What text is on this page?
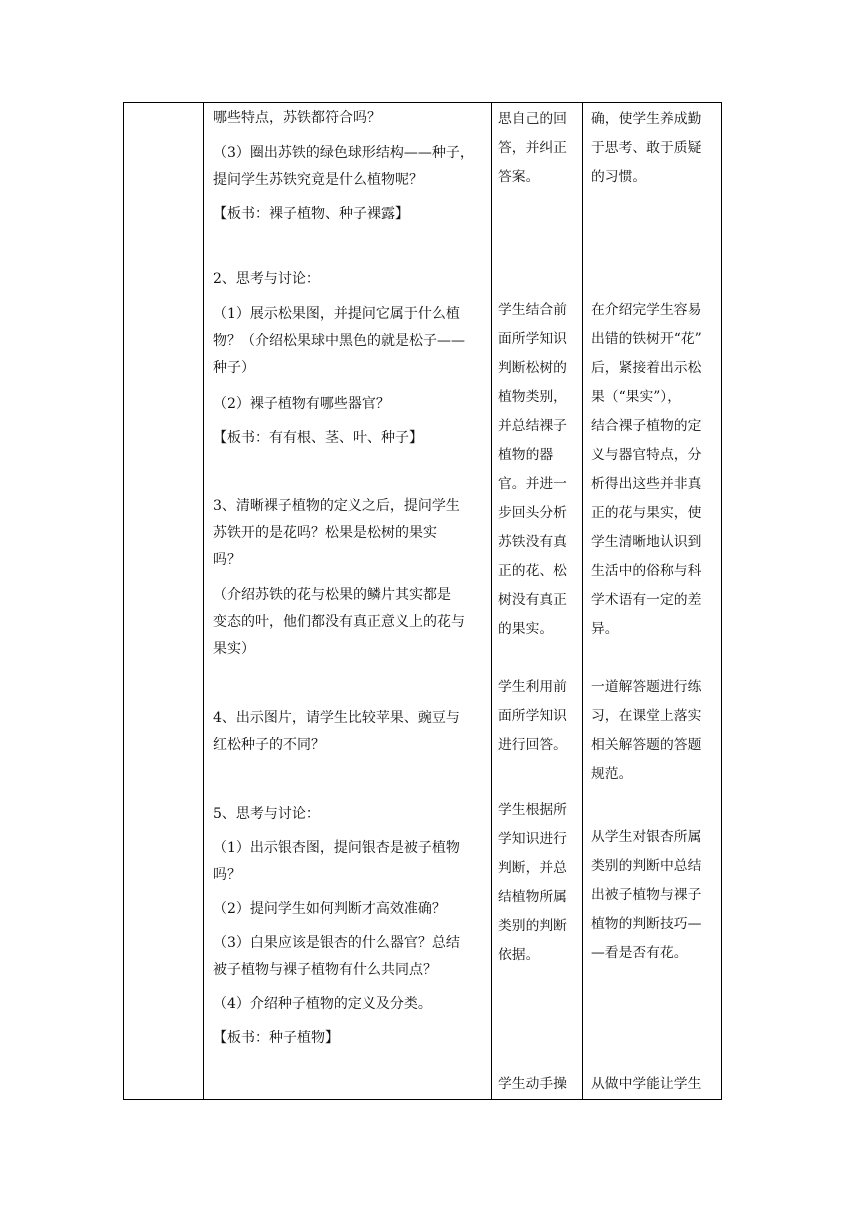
哪些特点，苏铁都符合吗？
（3）圈出苏铁的绿色球形结构——种子，
提问学生苏铁究竟是什么植物呢？
【板书：裸子植物、种子裸露】
2、思考与讨论：
（1）展示松果图，并提问它属于什么植
物？（介绍松果球中黑色的就是松子——
种子）
（2）裸子植物有哪些器官？
【板书：有有根、茎、叶、种子】
3、清晰裸子植物的定义之后，提问学生
苏铁开的是花吗？松果是松树的果实
吗？
（介绍苏铁的花与松果的鳞片其实都是
变态的叶，他们都没有真正意义上的花与
果实）
4、出示图片，请学生比较苹果、豌豆与
红松种子的不同？
5、思考与讨论：
（1）出示银杏图，提问银杏是被子植物
吗？
（2）提问学生如何判断才高效准确？
（3）白果应该是银杏的什么器官？总结
被子植物与裸子植物有什么共同点？
（4）介绍种子植物的定义及分类。
【板书：种子植物】
思自己的回
答，并纠正
答案。
学生结合前
面所学知识
判断松树的
植物类别，
并总结裸子
植物的器
官。并进一
步回头分析
苏铁没有真
正的花、松
树没有真正
的果实。
学生利用前
面所学知识
进行回答。
学生根据所
学知识进行
判断，并总
结植物所属
类别的判断
依据。
学生动手操
确，使学生养成勤
于思考、敢于质疑
的习惯。
在介绍完学生容易
出错的铁树开“花”
后，紧接着出示松
果（“果实”），
结合裸子植物的定
义与器官特点，分
析得出这些并非真
正的花与果实，使
学生清晰地认识到
生活中的俗称与科
学术语有一定的差
异。
一道解答题进行练
习，在课堂上落实
相关解答题的答题
规范。
从学生对银杏所属
类别的判断中总结
出被子植物与裸子
植物的判断技巧—
—看是否有花。
从做中学能让学生
